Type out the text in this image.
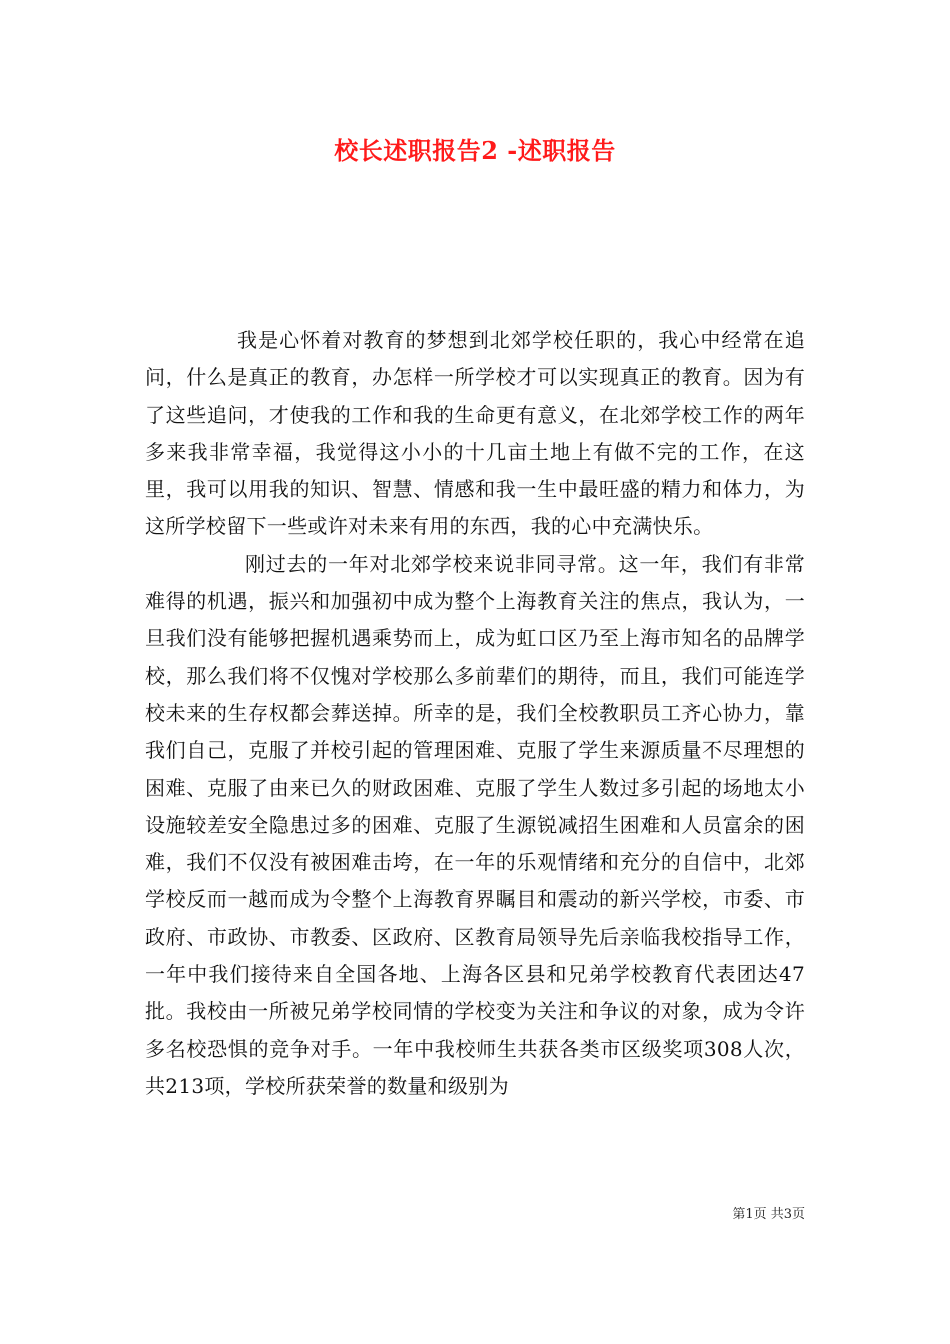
校长述职报告2 -述职报告

我是心怀着对教育的梦想到北郊学校任职的，我心中经常在追问，什么是真正的教育，办怎样一所学校才可以实现真正的教育。因为有了这些追问，才使我的工作和我的生命更有意义，在北郊学校工作的两年多来我非常幸福，我觉得这小小的十几亩土地上有做不完的工作，在这里，我可以用我的知识、智慧、情感和我一生中最旺盛的精力和体力，为这所学校留下一些或许对未来有用的东西，我的心中充满快乐。

刚过去的一年对北郊学校来说非同寻常。这一年，我们有非常难得的机遇，振兴和加强初中成为整个上海教育关注的焦点，我认为，一旦我们没有能够把握机遇乘势而上，成为虹口区乃至上海市知名的品牌学校，那么我们将不仅愧对学校那么多前辈们的期待，而且，我们可能连学校未来的生存权都会葬送掉。所幸的是，我们全校教职员工齐心协力，靠我们自己，克服了并校引起的管理困难、克服了学生来源质量不尽理想的困难、克服了由来已久的财政困难、克服了学生人数过多引起的场地太小设施较差安全隐患过多的困难、克服了生源锐减招生困难和人员富余的困难，我们不仅没有被困难击垮，在一年的乐观情绪和充分的自信中，北郊学校反而一越而成为令整个上海教育界瞩目和震动的新兴学校，市委、市政府、市政协、市教委、区政府、区教育局领导先后亲临我校指导工作，一年中我们接待来自全国各地、上海各区县和兄弟学校教育代表团达47批。我校由一所被兄弟学校同情的学校变为关注和争议的对象，成为令许多名校恐惧的竞争对手。一年中我校师生共获各类市区级奖项308人次，共213项，学校所获荣誉的数量和级别为

第1页 共3页
